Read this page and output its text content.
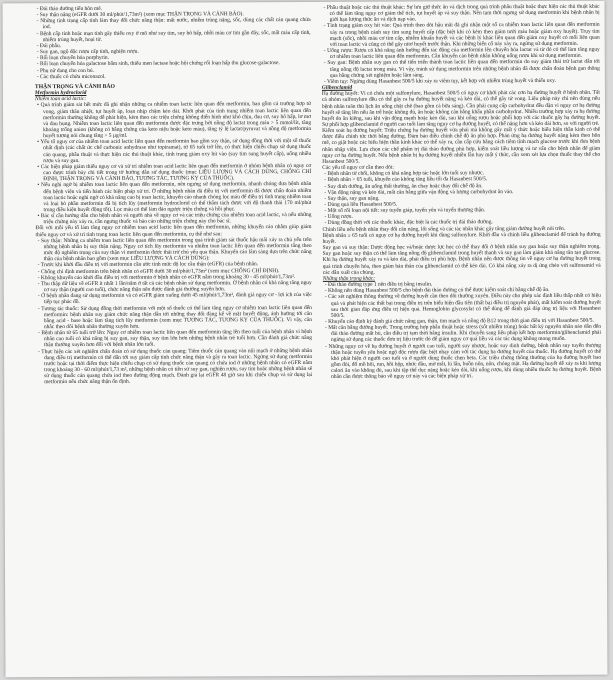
- Đái tháo đường tiến hôn mê.

- Suy thận nặng (eGFR dưới 30 ml/phút/1,73m²) (xem mục THẬN TRỌNG VÀ CẢNH BÁO).

- Những tình trạng cấp tính làm thay đổi chức năng thận: mất nước, nhiễm trùng nặng, sốc, dùng các chất cản quang chứa iod.

- Bệnh cấp tính hoặc mạn tính gây thiếu oxy ở mô như suy tim, suy hô hấp, nhồi máu cơ tim gần đây, sốc, mất máu cấp tính, nhiễm trùng huyết, hoại tử.

- Đái phẫu.

- Suy gan, ngộ độc rượu cấp tính, nghiện rượu.

- Rối loạn chuyển hóa porphyrin.

- Rối loạn chuyển hóa galactose bẩm sinh, thiếu men lactase hoặc hội chứng rối loạn hấp thu glucose-galactose.

- Phụ nữ đang cho con bú.

- Các thuốc có chứa miconazol.

THẬN TRỌNG VÀ CẢNH BÁO

Metformin hydroclorid

Nhiễm toan acid lactic:

• Quá trình giám sát hết mức đã ghi nhận những ca nhiễm toan lactic liên quan đến metformin, bao gồm cả trường hợp tử vong, giảm thân nhiệt, tụt huyết áp, loạn nhịp chậm kéo dài. Khởi phát của tình trạng nhiễm toan lactic liên quan đến metformin thường không dễ phát hiện, kèm theo các triệu chứng không điển hình như khó chịu, đau cơ, suy hô hấp, lơ mơ và đau bụng. Nhiễm toan lactic liên quan đến metformin được đặc trưng bởi nồng độ lactat trong máu > 5 mmol/lít, tăng khoảng trống anion (không có bằng chứng của keto niệu hoặc keto máu), tăng tỷ lệ lactat/pyruvat và nồng độ metformin huyết tương nói chung tăng > 5 µg/ml.

• Yếu tố nguy cơ của nhiễm toan acid lactic liên quan đến metformin bao gồm suy thận, sử dụng đồng thời với một số thuốc nhất định (các chất ức chế carbonic anhydrase như topiramat), từ 65 tuổi trở lên, có thực hiện chiếu chụp sử dụng thuốc cản quang, phẫu thuật và thực hiện các thủ thuật khác, tình trạng giảm oxy hít vào (suy tim sung huyết cấp), uống nhiều rượu và suy gan.

• Các biện pháp giảm thiểu nguy cơ và xử trí nhiễm toan acid lactic liên quan đến metformin ở nhóm bệnh nhân có nguy cơ cao được trình bày chi tiết trong tờ hướng dẫn sử dụng thuốc (mục LIỀU LƯỢNG VÀ CÁCH DÙNG, CHỐNG CHỈ ĐỊNH, THẬN TRỌNG VÀ CẢNH BÁO, TƯƠNG TÁC, TƯƠNG KỴ CỦA THUỐC).

• Nếu nghi ngờ bị nhiễm toan lactic liên quan đến metformin, nên ngưng sử dụng metformin, nhanh chóng đưa bệnh nhân đến bệnh viện và tiến hành các biện pháp xử trí. Ở những bệnh nhân đã điều trị với metformin đã được chẩn đoán nhiễm toan lactic hoặc nghi ngờ có khả năng cao bị toan lactic, khuyến cáo nhanh chóng lọc máu để điều trị tình trạng nhiễm toan và loại bỏ phần metformin đã bị tích lũy (metformin hydroclorid có thể thẩm tách được với độ thanh thải 170 ml/phút trong điều kiện huyết động tốt). Lọc máu có thể làm đảo ngược triệu chứng và hồi phục.

• Bác sĩ cần hướng dẫn cho bệnh nhân và người nhà về nguy cơ và các triệu chứng của nhiễm toan acid lactic, và nếu những triệu chứng này xảy ra, cần ngưng thuốc và báo cáo những triệu chứng này cho bác sĩ.

Đối với mỗi yếu tố làm tăng nguy cơ nhiễm toan acid lactic liên quan đến metformin, những khuyến cáo nhằm giúp giảm thiểu nguy cơ và xử trí tình trạng toan lactic liên quan đến metformin, cụ thể như sau:

- Suy thận: Những ca nhiễm toan lactic liên quan đến metformin trong quá trình giám sát thuốc hậu mãi xảy ra chủ yếu trên những bệnh nhân bị suy thận nặng. Nguy cơ tích lũy metformin và nhiễm toan lactic liên quan đến metformin tăng theo mức độ nghiêm trọng của suy thận vì metformin được thải trừ chủ yếu qua thận. Khuyến cáo lâm sàng dựa trên chức năng thận của bệnh nhân bao gồm (xem mục LIỀU LƯỢNG VÀ CÁCH DÙNG):

- Trước khi khởi đầu điều trị với metformin cần ước tính mức độ lọc cầu thận (eGFR) của bệnh nhân.

- Chống chỉ định metformin trên bệnh nhân có eGFR dưới 30 ml/phút/1,73m² (xem mục CHỐNG CHỈ ĐỊNH).

- Không khuyến cáo khởi đầu điều trị với metformin ở bệnh nhân có eGFR nằm trong khoảng 30 - 45 ml/phút/1,73m².

- Thu thập dữ liệu về eGFR ít nhất 1 lần/năm ở tất cả các bệnh nhân sử dụng metformin. Ở bệnh nhân có khả năng tăng nguy cơ suy thận (người cao tuổi), chức năng thận nên được đánh giá thường xuyên hơn.

- Ở bệnh nhân đang sử dụng metformin và có eGFR giảm xuống dưới 45 ml/phút/1,73m², đánh giá nguy cơ - lợi ích của việc tiếp tục phác đồ.

- Tương tác thuốc: Sử dụng đồng thời metformin với một số thuốc có thể làm tăng nguy cơ nhiễm toan lactic liên quan đến metformin: bệnh nhân suy giảm chức năng thận dẫn tới những thay đổi đáng kể về mặt huyết động, ảnh hưởng tới cân bằng acid - base hoặc làm tăng tích lũy metformin (xem mục TƯƠNG TÁC, TƯƠNG KỴ CỦA THUỐC). Vì vậy, cân nhắc theo dõi bệnh nhân thường xuyên hơn.

- Bệnh nhân từ 65 tuổi trở lên: Nguy cơ nhiễm toan lactic liên quan đến metformin tăng lên theo tuổi của bệnh nhân vì bệnh nhân cao tuổi có khả năng bị suy gan, suy thận, suy tim lớn hơn những bệnh nhân trẻ tuổi hơn. Cần đánh giá chức năng thận thường xuyên hơn đối với bệnh nhân lớn tuổi.

- Thực hiện các xét nghiệm chẩn đoán có sử dụng thuốc cản quang: Tiêm thuốc cản quang vào nội mạch ở những bệnh nhân đang điều trị metformin có thể dẫn tới suy giảm cấp tính chức năng thận và gây ra toan lactic. Ngừng sử dụng metformin trước hoặc tại thời điểm thực hiện chiếu chụp có sử dụng thuốc cản quang có chứa iod ở những bệnh nhân có eGFR nằm trong khoảng 30 - 60 ml/phút/1,73 m², những bệnh nhân có tiền sử suy gan, nghiện rượu, suy tim hoặc những bệnh nhân sẽ sử dụng thuốc cản quang chứa iod theo đường động mạch. Đánh giá lại eGFR 48 giờ sau khi chiếu chụp và sử dụng lại metformin nếu chức năng thận ổn định.

- Phẫu thuật hoặc các thủ thuật khác: Sự lưu giữ thức ăn và dịch trong quá trình phẫu thuật hoặc thực hiện các thủ thuật khác có thể làm tăng nguy cơ giảm thể tích, tụt huyết áp và suy thận. Nên tạm thời ngưng sử dụng metformin khi bệnh nhân bị giới hạn lượng thức ăn và dịch nạp vào.

- Tình trạng giảm oxy hít vào: Quá trình theo dõi hậu mãi đã ghi nhận một số ca nhiễm toan lactic liên quan đến metformin xảy ra trong bệnh cảnh suy tim sung huyết cấp (đặc biệt khi có kèm theo giảm tưới máu hoặc giảm oxy huyết). Trụy tim mạch (sốc), nhồi máu cơ tim cấp, nhiễm khuẩn huyết và các bệnh lý khác liên quan đến giảm oxy huyết có mối liên quan với toan lactic và cũng có thể gây nitơ huyết trước thận. Khi những biến cố này xảy ra, ngừng sử dụng metformin.

- Uống rượu: Rượu có khả năng ảnh hưởng đến tác động của metformin lên chuyển hóa lactat và từ đó có thể làm tăng nguy cơ nhiễm toan lactic liên quan đến metformin. Cần khuyến cáo bệnh nhân không uống rượu khi sử dụng metformin.

- Suy gan: Bệnh nhân suy gan có thể tiến triển thành toan lactic liên quan đến metformin do suy giảm thải trừ lactat dẫn tới tăng nồng độ lactat trong máu. Vì vậy, tránh sử dụng metformin trên những bệnh nhân đã được chẩn đoán bệnh gan thông qua bằng chứng xét nghiệm hoặc lâm sàng.

- Viêm tụy: Ngừng dùng Hasanbest 500/5 khi xảy ra viêm tụy, kết hợp với nhiễm trùng huyết và thiếu oxy.

Glibenclamid

Hạ đường huyết: Vì có chứa một sulfonylure, Hasanbest 500/5 có nguy cơ khởi phát các cơn hạ đường huyết ở bệnh nhân. Tất cả nhóm sulfonylure đều có thể gây ra hạ đường huyết nặng và kéo dài, có thể gây tử vong. Liệu pháp này chỉ nên dùng nếu bệnh nhân tuân thủ lịch ăn uống chặt chẽ (bao gồm cả bữa sáng). Cần phải cung cấp carbohydrat đều đặn vì nguy cơ hạ đường huyết sẽ tăng lên nếu ăn trễ hoặc không đủ, ăn hoặc không cân bằng khẩu phần carbohydrat. Nhiều trường hợp xảy ra hạ đường huyết do ăn kiêng, sau khi vận động mạnh hoặc kéo dài, sau khi uống rượu hoặc phối hợp với các thuốc gây hạ đường huyết. Sự phối hợp glibenclamid ở người cao tuổi làm tăng nguy cơ hạ đường huyết, có thể nặng hơn và kéo dài hơn, so với người trẻ.

Kiểm soát hạ đường huyết: Triệu chứng hạ đường huyết vừa phải mà không gây mất ý thức hoặc biểu hiện thần kinh có thể được điều chỉnh tức thời bằng đường. Đảm bảo điều chỉnh chế độ ăn phù hợp. Phản ứng hạ đường huyết nặng kèm theo hôn mê, co giật hoặc các biểu hiện thần kinh khác có thể xảy ra, cần cấp cứu bằng cách tiêm tĩnh mạch glucose trước khi đưa bệnh nhân nhập viện. Lựa chọn các chế phẩm trị đái tháo đường phù hợp, kiểm soát liều lượng và tư vấn cho bệnh nhân để giảm nguy cơ hạ đường huyết. Nếu bệnh nhân bị hạ đường huyết nhiều lần hay mất ý thức, cần xem xét lựa chọn thuốc thay thế cho Hasanbest 500/5.

Các yếu tố nguy cơ cần theo dõi:

- Bệnh nhân từ chối, không có khả năng hợp tác hoặc lớn tuổi suy nhược.

- Bệnh nhân > 65 tuổi, khuyến cáo không tăng liều tối đa Hasanbest 500/5.

- Suy dinh dưỡng, ăn uống thất thường, ăn chay hoặc thay đổi chế độ ăn.

- Vận động nặng và kéo dài, mất cân bằng giữa vận động và lượng carbohydrat ăn vào.

- Suy thận, suy gan nặng.

- Dùng quá liều Hasanbest 500/5.

- Một số rối loạn nội tiết: suy tuyến giáp, tuyến yên và tuyến thượng thận.

- Uống rượu.

- Dùng đồng thời với các thuốc khác, đặc biệt là các thuốc trị đái tháo đường.

Chỉnh liều nếu bệnh nhân thay đổi cân nặng, lối sống và các tác nhân khác gây tăng giảm đường huyết nói trên.

Bệnh nhân ≥ 65 tuổi có nguy cơ hạ đường huyết khi dùng sulfonylure. Khởi đầu và chỉnh liều glibenclamid để tránh hạ đường huyết.

Suy gan và suy thận: Dược động học và/hoặc dược lực học có thể thay đổi ở bệnh nhân suy gan hoặc suy thận nghiêm trọng. Suy gan hoặc suy thận có thể làm tăng nồng độ glibenclamid trong huyết thanh và suy gan làm giảm khả năng tân tạo glucose. Khi hạ đường huyết xảy ra và kéo dài, phải điều trị phù hợp. Bệnh nhân nên được thông tin về nguy cơ hạ đường huyết trong quá trình chuyển hóa, theo giám bản thân của glibenclamid có thể kéo dài. Có khả năng xảy ra dị ứng chéo với sulfonamid và các dẫn xuất của chúng.

Những thận trọng khác:

- Đái tháo đường type 1 nên điều trị bằng insulin.

- Không nên dùng Hasanbest 500/5 cho bệnh đái tháo đường có thể được kiểm soát chỉ bằng chế độ ăn.

- Các xét nghiệm thông thường về đường huyết cần theo dõi thường xuyên. Điều này cho phép xác định liều thấp nhất có hiệu quả và phát hiện các thất bại trong điều trị trên biểu hiện đầu tiên (thất bại điều trị nguyên phát), mất kiểm soát đường huyết sau thời gian đáp ứng điều trị hiệu quả. Hemoglobin glycosylat có thể dùng để đánh giá đáp ứng trị liệu với Hasanbest 500/5.

- Khuyến cáo định kỳ đánh giá chức năng gan, thận, tim mạch và nồng độ B12 trong thời gian điều trị với Hasanbest 500/5.

- Mất cân bằng đường huyết. Trong trường hợp phẫu thuật hoặc stress (sốt nhiễm trùng) hoặc bất kỳ nguyên nhân nào dẫn đến đái tháo đường mất bù, cần điều trị tạm thời bằng insulin. Khi chuyển sang liệu pháp kết hợp metformin/glibenclamid phải ngừng sử dụng các thuốc đơn trị liệu trước đó để giảm nguy cơ quá liều và các tác dụng không mong muốn.

- Những nguy cơ về hạ đường huyết ở người cao tuổi, người suy nhược, hoặc suy dinh dưỡng, bệnh nhân suy tuyến thượng thận hoặc tuyến yên hoặc ngộ độc rượu đặc biệt nhạy cảm với tác dụng hạ đường huyết của thuốc. Hạ đường huyết có thể khó phát hiện ở người cao tuổi và ở người dùng thuốc chẹn beta. Các triệu chứng thông thường của hạ đường huyết bao gồm đói, đổ mồ hôi, run, hồi hộp, nhức đầu, mờ mắt, lú lẫn, buồn nôn, nôn, chóng mặt. Hạ đường huyết dễ xảy ra khi lượng calori ăn vào không đủ, sau khi tập thể dục nặng hoặc kéo dài, khi uống rượu, khi dùng nhiều thuốc hạ đường huyết. Bệnh nhân cần được thông báo về nguy cơ này và các biện pháp xử trí.
